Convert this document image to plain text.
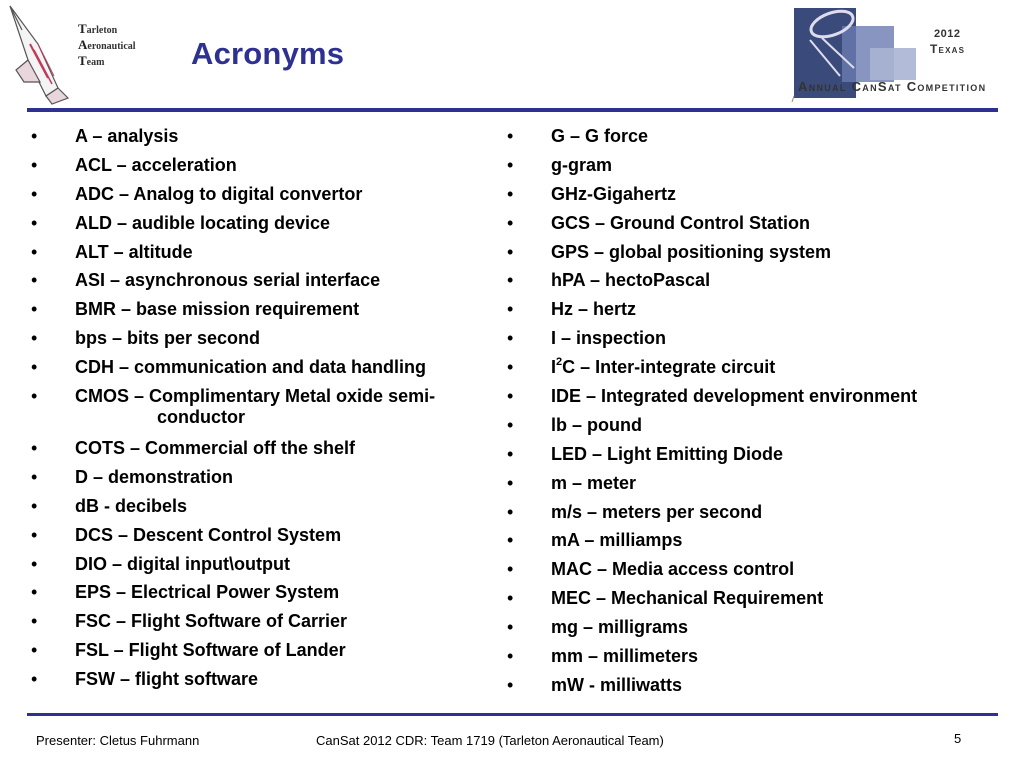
Tarleton
Aeronautical
Team	Acronyms
2012
Texas
Annual CanSat Competition
• A – analysis
• ACL – acceleration
• ADC – Analog to digital convertor
• ALD – audible locating device
• ALT – altitude
• ASI – asynchronous serial interface
• BMR – base mission requirement
• bps – bits per second
• CDH – communication and data handling
• CMOS – Complimentary Metal oxide semi-
conductor
• COTS – Commercial off the shelf
• D – demonstration
• dB - decibels
• DCS – Descent Control System
• DIO – digital input\output
• EPS – Electrical Power System
• FSC – Flight Software of Carrier
• FSL – Flight Software of Lander
• FSW – flight software
• G – G force
• g-gram
• GHz-Gigahertz
• GCS – Ground Control Station
• GPS – global positioning system
• hPA – hectoPascal
• Hz – hertz
• I – inspection
• $I^2C$ – Inter-integrate circuit
• IDE – Integrated development environment
• lb – pound
• LED – Light Emitting Diode
• m – meter
• m/s – meters per second
• mA – milliamps
• MAC – Media access control
• MEC – Mechanical Requirement
• mg – milligrams
• mm – millimeters
• mW - milliwatts
Presenter: Cletus Fuhrmann	CanSat 2012 CDR: Team 1719 (Tarleton Aeronautical Team)	5
